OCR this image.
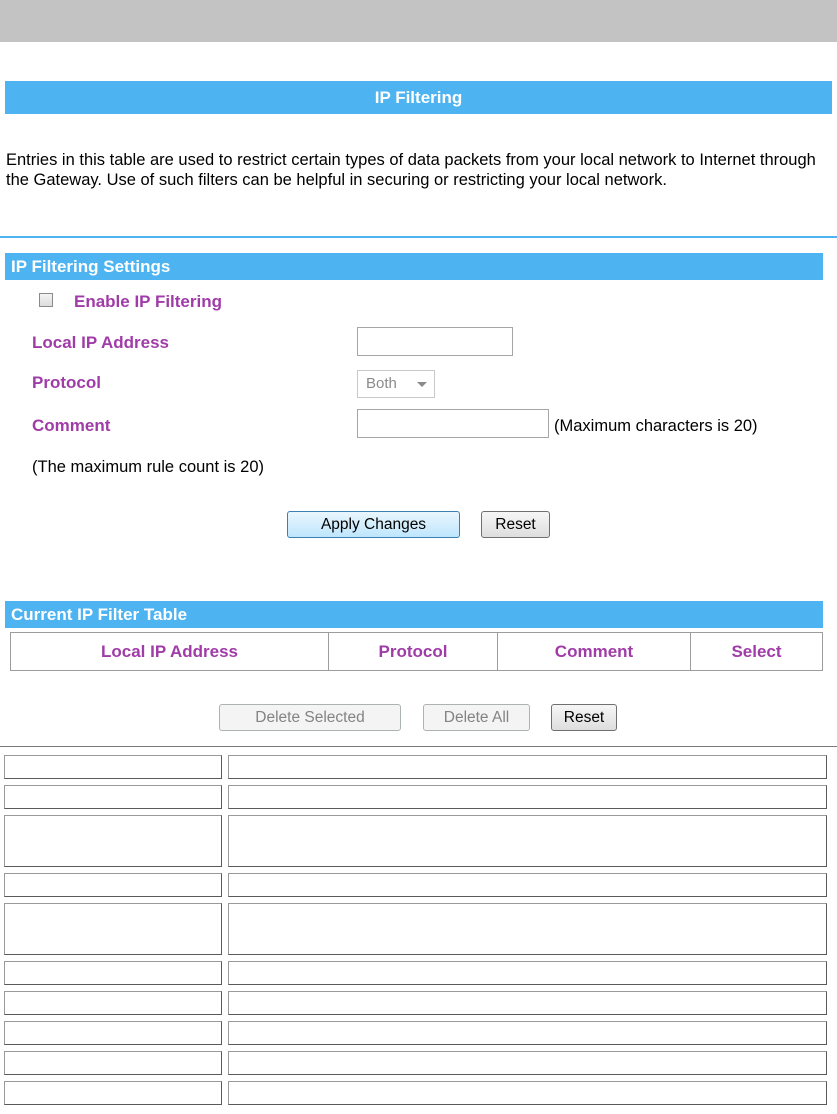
IP Filtering
Entries in this table are used to restrict certain types of data packets from your local network to Internet through the Gateway. Use of such filters can be helpful in securing or restricting your local network.
IP Filtering Settings
Enable IP Filtering
Local IP Address
Protocol	Both
Comment	(Maximum characters is 20)
(The maximum rule count is 20)
Apply Changes	Reset
Current IP Filter Table
Local IP Address	Protocol	Comment	Select
Delete Selected	Delete All	Reset
